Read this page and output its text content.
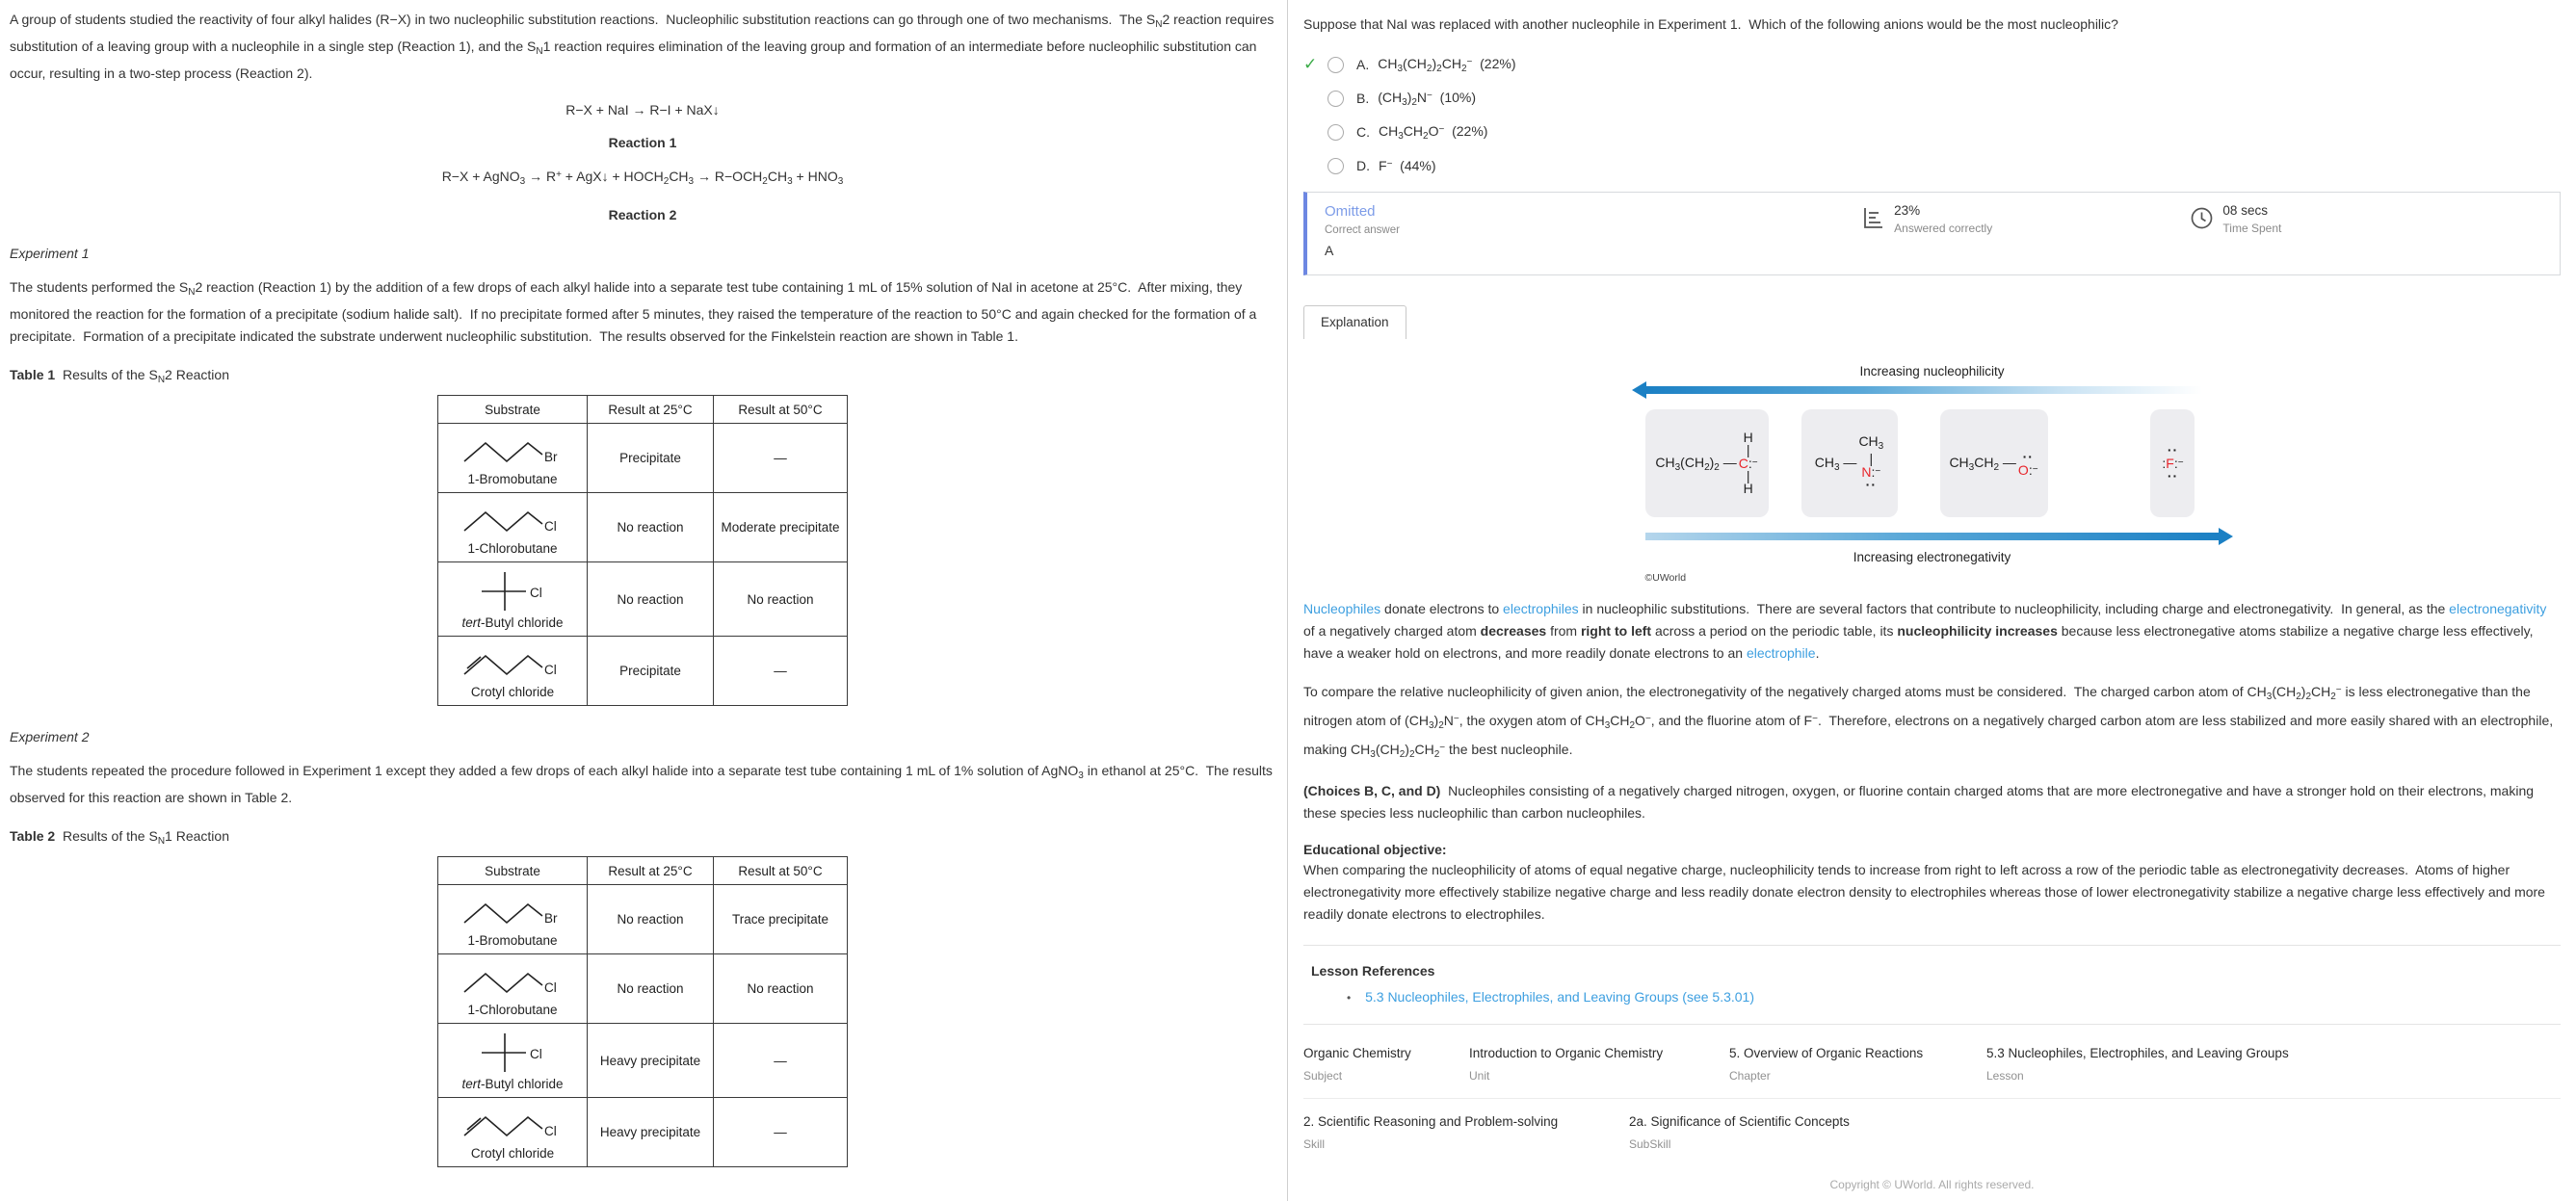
A group of students studied the reactivity of four alkyl halides (R−X) in two nucleophilic substitution reactions.  Nucleophilic substitution reactions can go through one of two mechanisms.  The $S_N2$ reaction requires substitution of a leaving group with a nucleophile in a single step (Reaction 1), and the $S_N1$ reaction requires elimination of the leaving group and formation of an intermediate before nucleophilic substitution can occur, resulting in a two-step process (Reaction 2).

R−X + NaI → R−I + NaX↓
Reaction 1
R−X + AgNO$_3$ → R+ + AgX↓ + $HOCH_2CH_3 \to R-OCH_2CH_3 + HNO_3$
Reaction 2
Experiment 1

The students performed the $S_N2$ reaction (Reaction 1) by the addition of a few drops of each alkyl halide into a separate test tube containing 1 mL of 15% solution of NaI in acetone at 25°C.  After mixing, they monitored the reaction for the formation of a precipitate (sodium halide salt).  If no precipitate formed after 5 minutes, they raised the temperature of the reaction to 50°C and again checked for the formation of a precipitate.  Formation of a precipitate indicated the substrate underwent nucleophilic substitution.  The results observed for the Finkelstein reaction are shown in Table 1.

Table 1  Results of the $S_N2$ Reaction
Substrate	Result at 25°C	Result at 50°C

Br
1-Bromobutane	Precipitate	—

Cl
1-Chlorobutane	No reaction	Moderate precipitate

Cl
tert-Butyl chloride	No reaction	No reaction

Cl
Crotyl chloride	Precipitate	—
Experiment 2

The students repeated the procedure followed in Experiment 1 except they added a few drops of each alkyl halide into a separate test tube containing 1 mL of 1% solution of AgNO$_3$ in ethanol at 25°C.  The results observed for this reaction are shown in Table 2.

Table 2  Results of the $S_N1$ Reaction
Substrate	Result at 25°C	Result at 50°C

Br
1-Bromobutane	No reaction	Trace precipitate

Cl
1-Chlorobutane	No reaction	No reaction

Cl
tert-Butyl chloride	Heavy precipitate	—

Cl
Crotyl chloride	Heavy precipitate	—
Suppose that NaI was replaced with another nucleophile in Experiment 1.  Which of the following anions would be the most nucleophilic?
✓	A. $CH_3(CH_2)_2CH_2^-$  (22%)
B. $(CH_3)_2N^-$  (10%)
C. $CH_3CH_2O^-$  (22%)
D. F−  (44%)
Omitted
Correct answer
A
23%
Answered correctly
08 secs
Time Spent
Explanation
Increasing nucleophilicity
$CH_3(CH_2)_2$ —
H
|
C:−
|
H
$CH_3$ —
$CH_3$
|
N:−
··
$CH_3CH_2$ — ··
O:−
··
:F:−
··
Increasing electronegativity
©UWorld

Nucleophiles donate electrons to electrophiles in nucleophilic substitutions.  There are several factors that contribute to nucleophilicity, including charge and electronegativity.  In general, as the electronegativity of a negatively charged atom decreases from right to left across a period on the periodic table, its nucleophilicity increases because less electronegative atoms stabilize a negative charge less effectively, have a weaker hold on electrons, and more readily donate electrons to an electrophile.

To compare the relative nucleophilicity of given anion, the electronegativity of the negatively charged atoms must be considered.  The charged carbon atom of $CH_3(CH_2)_2CH_2^-$ is less electronegative than the nitrogen atom of $(CH_3)_2N^-$, the oxygen atom of $CH_3CH_2O^-$, and the fluorine atom of F−.  Therefore, electrons on a negatively charged carbon atom are less stabilized and more easily shared with an electrophile, making $CH_3(CH_2)_2CH_2^-$ the best nucleophile.

(Choices B, C, and D)  Nucleophiles consisting of a negatively charged nitrogen, oxygen, or fluorine contain charged atoms that are more electronegative and have a stronger hold on their electrons, making these species less nucleophilic than carbon nucleophiles.

Educational objective:

When comparing the nucleophilicity of atoms of equal negative charge, nucleophilicity tends to increase from right to left across a row of the periodic table as electronegativity decreases.  Atoms of higher electronegativity more effectively stabilize negative charge and less readily donate electron density to electrophiles whereas those of lower electronegativity stabilize a negative charge less effectively and more readily donate electrons to electrophiles.

Lesson References
• 5.3 Nucleophiles, Electrophiles, and Leaving Groups (see 5.3.01)
Organic Chemistry
Subject
Introduction to Organic Chemistry
Unit
5. Overview of Organic Reactions
Chapter
5.3 Nucleophiles, Electrophiles, and Leaving Groups
Lesson
2. Scientific Reasoning and Problem-solving
Skill
2a. Significance of Scientific Concepts
SubSkill
Copyright © UWorld. All rights reserved.
